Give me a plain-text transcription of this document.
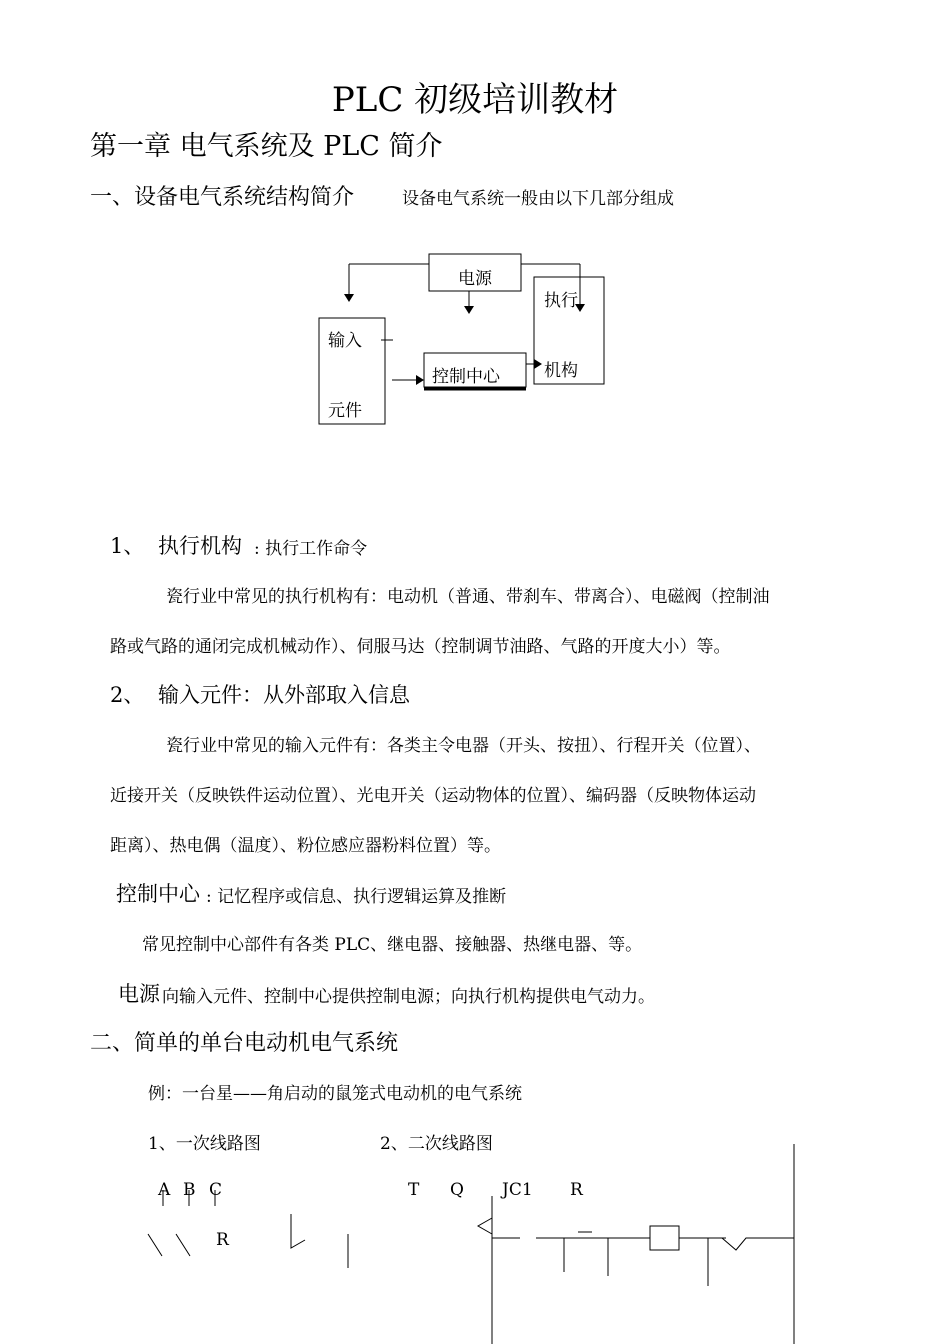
PLC 初级培训教材
第一章 电气系统及 PLC 简介
一、设备电气系统结构简介	设备电气系统一般由以下几部分组成
电源
执行
机构
输入
元件
控制中心
1、 执行机构 : 执行工作命令
瓷行业中常见的执行机构有：电动机（普通、带刹车、带离合）、电磁阀（控制油
路或气路的通闭完成机械动作）、伺服马达（控制调节油路、气路的开度大小）等。
2、 输入元件：从外部取入信息
瓷行业中常见的输入元件有：各类主令电器（开头、按扭）、行程开关（位置）、
近接开关（反映铁件运动位置）、光电开关（运动物体的位置）、编码器（反映物体运动
距离）、热电偶（温度）、粉位感应器粉料位置）等。
控制中心 : 记忆程序或信息、执行逻辑运算及推断
常见控制中心部件有各类 PLC、继电器、接触器、热继电器、等。
电源 向输入元件、控制中心提供控制电源；向执行机构提供电气动力。
二、简单的单台电动机电气系统
例：一台星——角启动的鼠笼式电动机的电气系统
1、一次线路图	2、二次线路图
A B C
R
T Q JC1 R
